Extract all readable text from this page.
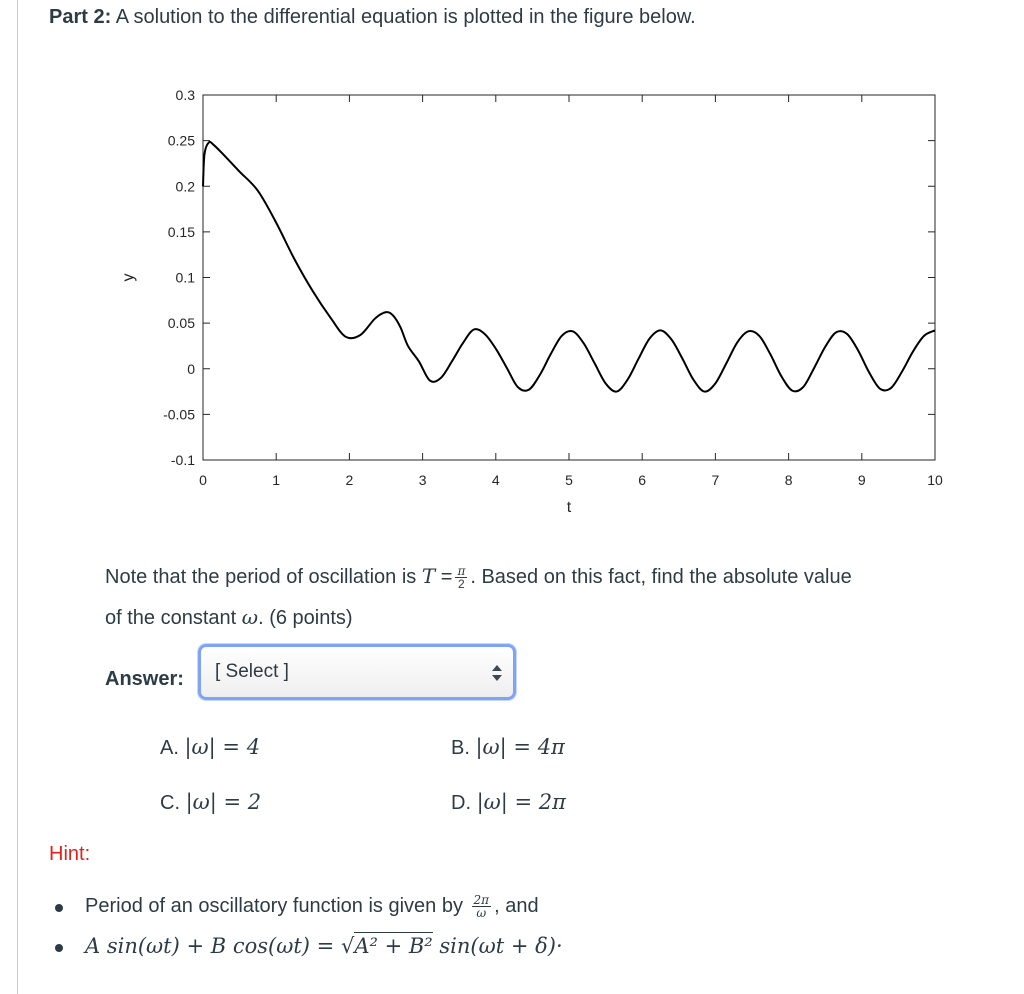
Part 2: A solution to the differential equation is plotted in the figure below.
0	1	2	3	4	5	6	7	8	9	10
-0.1
-0.05
0
0.05
0.1
0.15
0.2
0.25
0.3
t
y
Note that the period of oscillation is $T = \frac{\pi}{2}$ . Based on this fact, find the absolute value
of the constant ω. (6 points)
Answer: [ Select ]
A. |ω| = 4	B. |ω| = 4π
C. |ω| = 2	D. |ω| = 2π
Hint:
Period of an oscillatory function is given by $\frac{2\pi}{\omega}$ , and
A sin(ωt) + B cos(ωt) = √A² + B² sin(ωt + δ)·
